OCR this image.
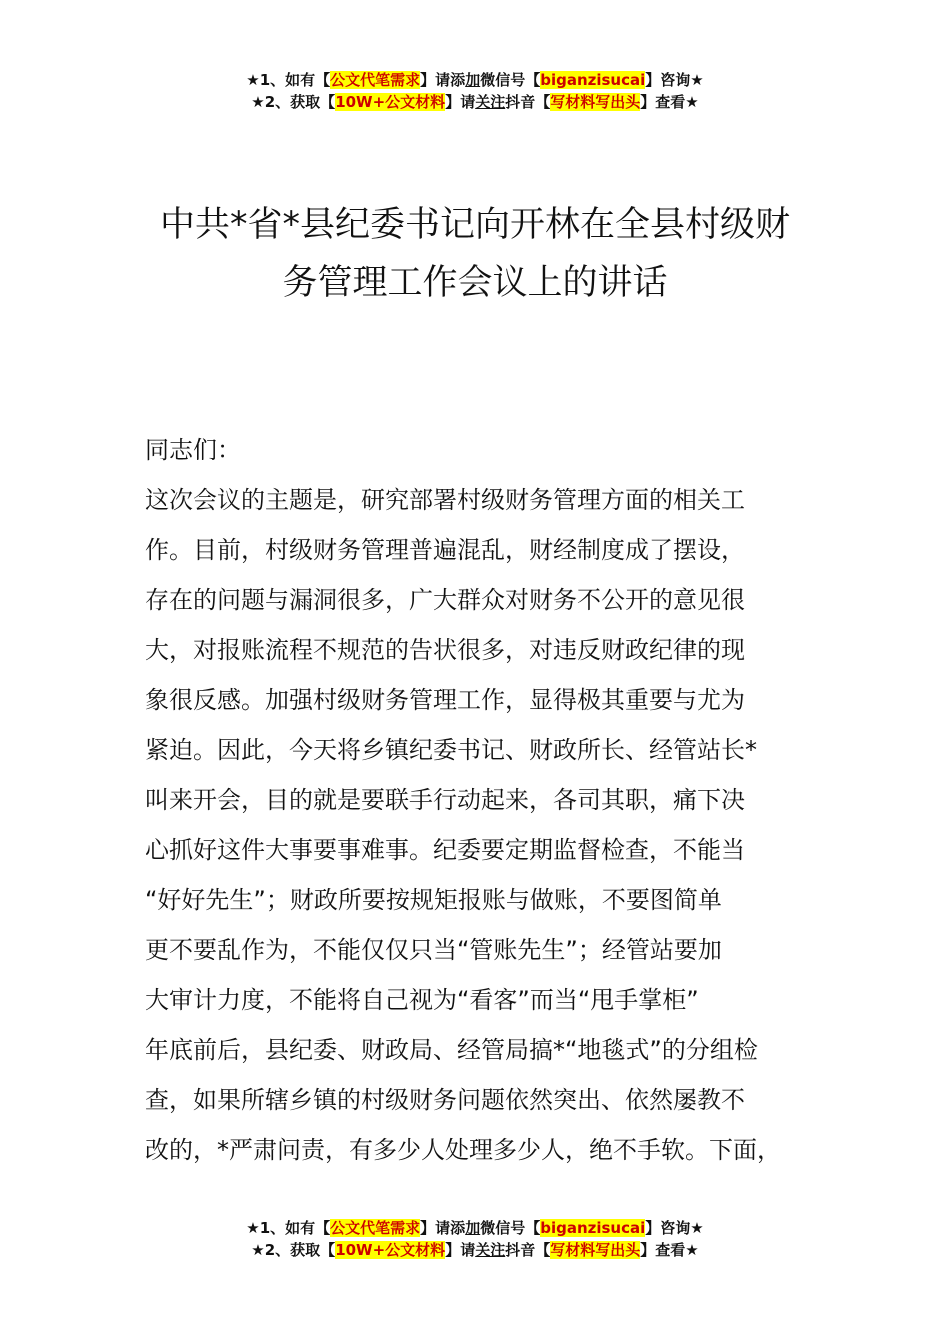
★1、如有【公文代笔需求】请添加微信号【biganzisucai】咨询★
★2、获取【10W+公文材料】请关注抖音【写材料写出头】查看★
中共*省*县纪委书记向开林在全县村级财
务管理工作会议上的讲话
同志们：
这次会议的主题是，研究部署村级财务管理方面的相关工
作。目前，村级财务管理普遍混乱，财经制度成了摆设，
存在的问题与漏洞很多，广大群众对财务不公开的意见很
大，对报账流程不规范的告状很多，对违反财政纪律的现
象很反感。加强村级财务管理工作，显得极其重要与尤为
紧迫。因此，今天将乡镇纪委书记、财政所长、经管站长*
叫来开会，目的就是要联手行动起来，各司其职，痛下决
心抓好这件大事要事难事。纪委要定期监督检查，不能当
“好好先生”；财政所要按规矩报账与做账，不要图简单
更不要乱作为，不能仅仅只当“管账先生”；经管站要加
大审计力度，不能将自己视为“看客”而当“甩手掌柜”
年底前后，县纪委、财政局、经管局搞*“地毯式”的分组检
查，如果所辖乡镇的村级财务问题依然突出、依然屡教不
改的，*严肃问责，有多少人处理多少人，绝不手软。下面，
★1、如有【公文代笔需求】请添加微信号【biganzisucai】咨询★
★2、获取【10W+公文材料】请关注抖音【写材料写出头】查看★
